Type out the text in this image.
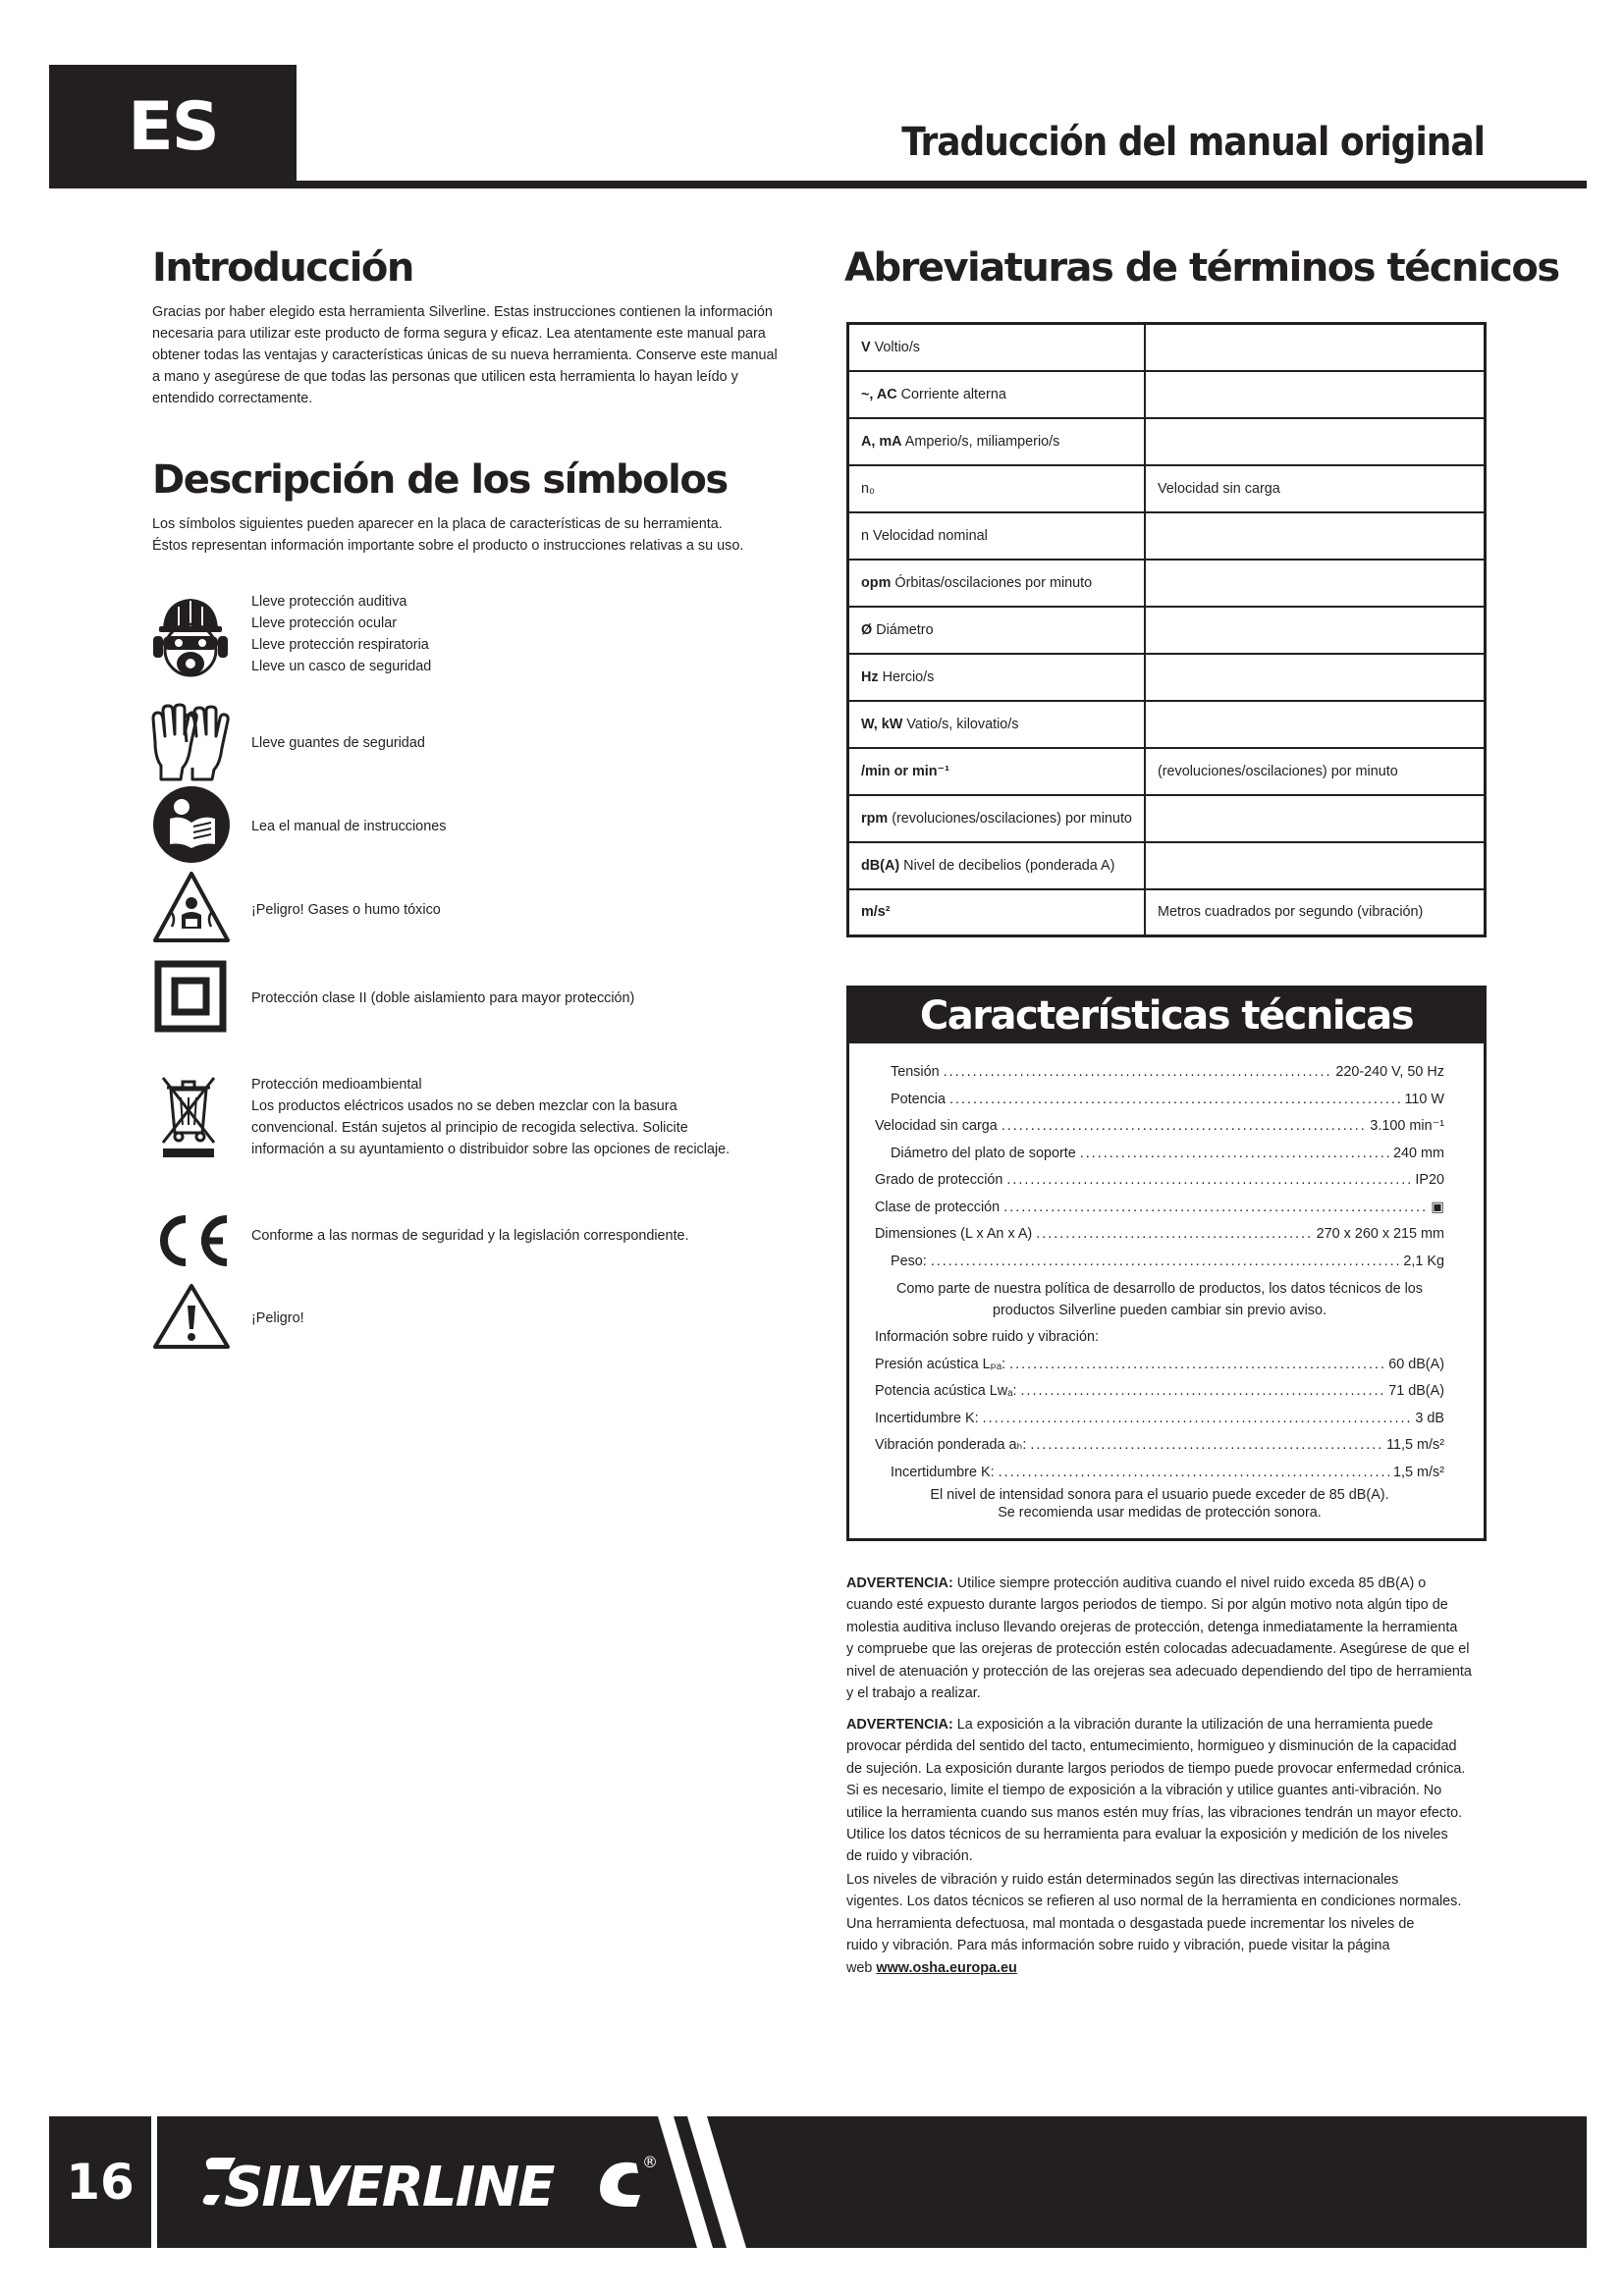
ES	Traducción del manual original
Introducción
Gracias por haber elegido esta herramienta Silverline. Estas instrucciones contienen la información
necesaria para utilizar este producto de forma segura y eficaz. Lea atentamente este manual para
obtener todas las ventajas y características únicas de su nueva herramienta. Conserve este manual
a mano y asegúrese de que todas las personas que utilicen esta herramienta lo hayan leído y
entendido correctamente.
Descripción de los símbolos
Los símbolos siguientes pueden aparecer en la placa de características de su herramienta.
Éstos representan información importante sobre el producto o instrucciones relativas a su uso.
Lleve protección auditiva
Lleve protección ocular
Lleve protección respiratoria
Lleve un casco de seguridad
Lleve guantes de seguridad
Lea el manual de instrucciones
¡Peligro! Gases o humo tóxico
Protección clase II (doble aislamiento para mayor protección)
Protección medioambiental
Los productos eléctricos usados no se deben mezclar con la basura
convencional. Están sujetos al principio de recogida selectiva. Solicite
información a su ayuntamiento o distribuidor sobre las opciones de reciclaje.
Conforme a las normas de seguridad y la legislación correspondiente.
¡Peligro!
Abreviaturas de términos técnicos
V Voltio/s	
~, AC Corriente alterna	
A, mA Amperio/s, miliamperio/s	
n₀	Velocidad sin carga
n Velocidad nominal	
opm Órbitas/oscilaciones por minuto	
Ø Diámetro	
Hz Hercio/s	
W, kW Vatio/s, kilovatio/s	
/min or min⁻¹	(revoluciones/oscilaciones) por minuto
rpm (revoluciones/oscilaciones) por minuto	
dB(A) Nivel de decibelios (ponderada A)	
m/s²	Metros cuadrados por segundo (vibración)
Características técnicas
Tensión .....	220-240 V, 50 Hz
Potencia .....	110 W
Velocidad sin carga .....	3.100 min⁻¹
Diámetro del plato de soporte .....	240 mm
Grado de protección .....	IP20
Clase de protección .....	▣
Dimensiones (L x An x A) .....	270 x 260 x 215 mm
Peso: .....	2,1 Kg
Como parte de nuestra política de desarrollo de productos, los datos técnicos de los
productos Silverline pueden cambiar sin previo aviso.
Información sobre ruido y vibración:
Presión acústica Lₚₐ: .....	60 dB(A)
Potencia acústica Lwₐ: .....	71 dB(A)
Incertidumbre K: .....	3 dB
Vibración ponderada aₕ: .....	11,5 m/s²
Incertidumbre K: .....	1,5 m/s²
El nivel de intensidad sonora para el usuario puede exceder de 85 dB(A).
Se recomienda usar medidas de protección sonora.
ADVERTENCIA: Utilice siempre protección auditiva cuando el nivel ruido exceda 85 dB(A) o
cuando esté expuesto durante largos periodos de tiempo. Si por algún motivo nota algún tipo de
molestia auditiva incluso llevando orejeras de protección, detenga inmediatamente la herramienta
y compruebe que las orejeras de protección estén colocadas adecuadamente. Asegúrese de que el
nivel de atenuación y protección de las orejeras sea adecuado dependiendo del tipo de herramienta
y el trabajo a realizar.
ADVERTENCIA: La exposición a la vibración durante la utilización de una herramienta puede
provocar pérdida del sentido del tacto, entumecimiento, hormigueo y disminución de la capacidad
de sujeción. La exposición durante largos periodos de tiempo puede provocar enfermedad crónica.
Si es necesario, limite el tiempo de exposición a la vibración y utilice guantes anti-vibración. No
utilice la herramienta cuando sus manos estén muy frías, las vibraciones tendrán un mayor efecto.
Utilice los datos técnicos de su herramienta para evaluar la exposición y medición de los niveles
de ruido y vibración.
Los niveles de vibración y ruido están determinados según las directivas internacionales
vigentes. Los datos técnicos se refieren al uso normal de la herramienta en condiciones normales.
Una herramienta defectuosa, mal montada o desgastada puede incrementar los niveles de
ruido y vibración. Para más información sobre ruido y vibración, puede visitar la página
web www.osha.europa.eu
16	SILVERLINE	®
